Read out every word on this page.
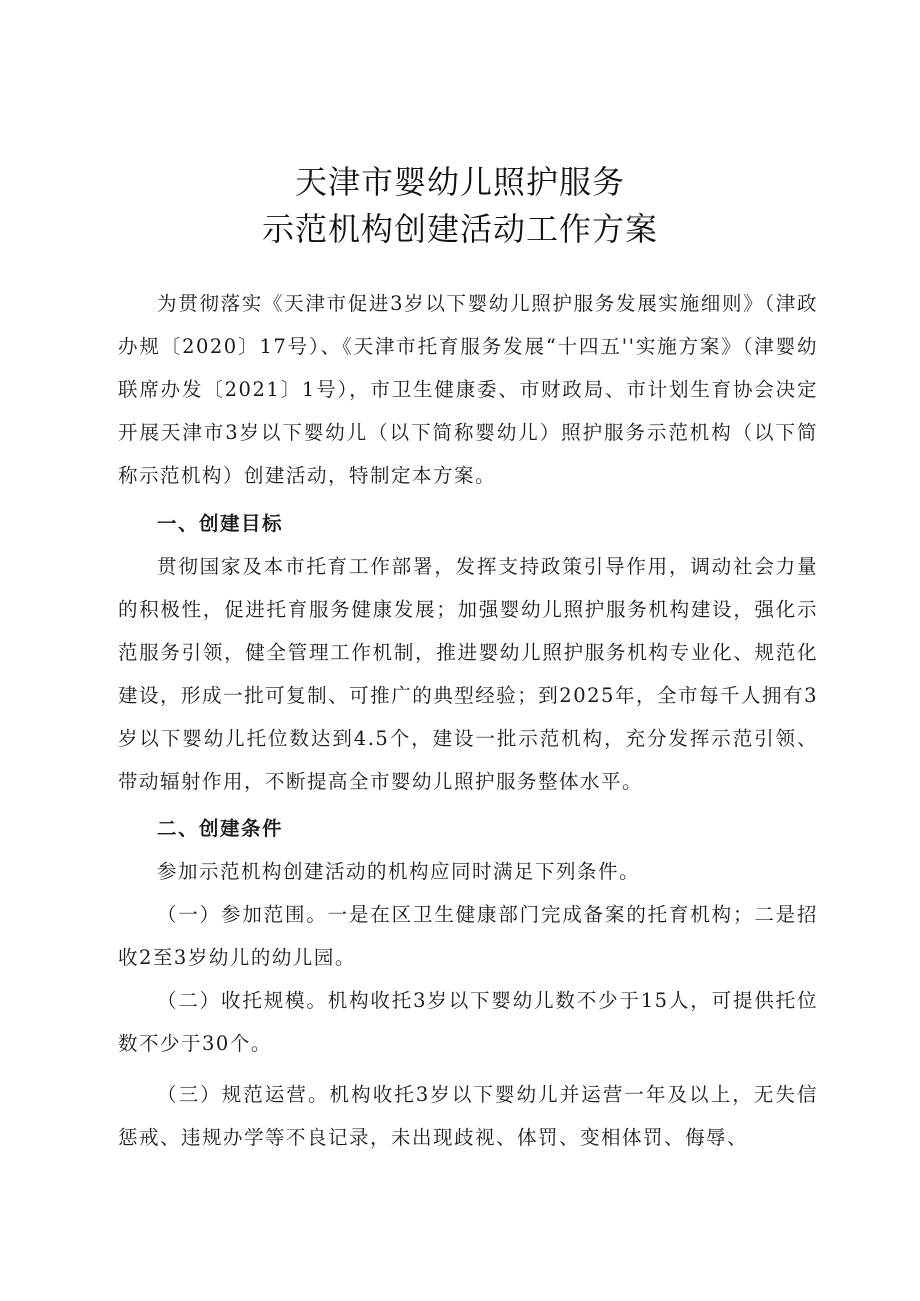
天津市婴幼儿照护服务
示范机构创建活动工作方案

为贯彻落实《天津市促进3岁以下婴幼儿照护服务发展实施细则》（津政办规〔2020〕17号）、《天津市托育服务发展“十四五''实施方案》（津婴幼联席办发〔2021〕1号），市卫生健康委、市财政局、市计划生育协会决定开展天津市3岁以下婴幼儿（以下简称婴幼儿）照护服务示范机构（以下简称示范机构）创建活动，特制定本方案。

一、创建目标

贯彻国家及本市托育工作部署，发挥支持政策引导作用，调动社会力量的积极性，促进托育服务健康发展；加强婴幼儿照护服务机构建设，强化示范服务引领，健全管理工作机制，推进婴幼儿照护服务机构专业化、规范化建设，形成一批可复制、可推广的典型经验；到2025年，全市每千人拥有3岁以下婴幼儿托位数达到4.5个，建设一批示范机构，充分发挥示范引领、带动辐射作用，不断提高全市婴幼儿照护服务整体水平。

二、创建条件

参加示范机构创建活动的机构应同时满足下列条件。

（一）参加范围。一是在区卫生健康部门完成备案的托育机构；二是招收2至3岁幼儿的幼儿园。

（二）收托规模。机构收托3岁以下婴幼儿数不少于15人，可提供托位数不少于30个。

（三）规范运营。机构收托3岁以下婴幼儿并运营一年及以上，无失信惩戒、违规办学等不良记录，未出现歧视、体罚、变相体罚、侮辱、
